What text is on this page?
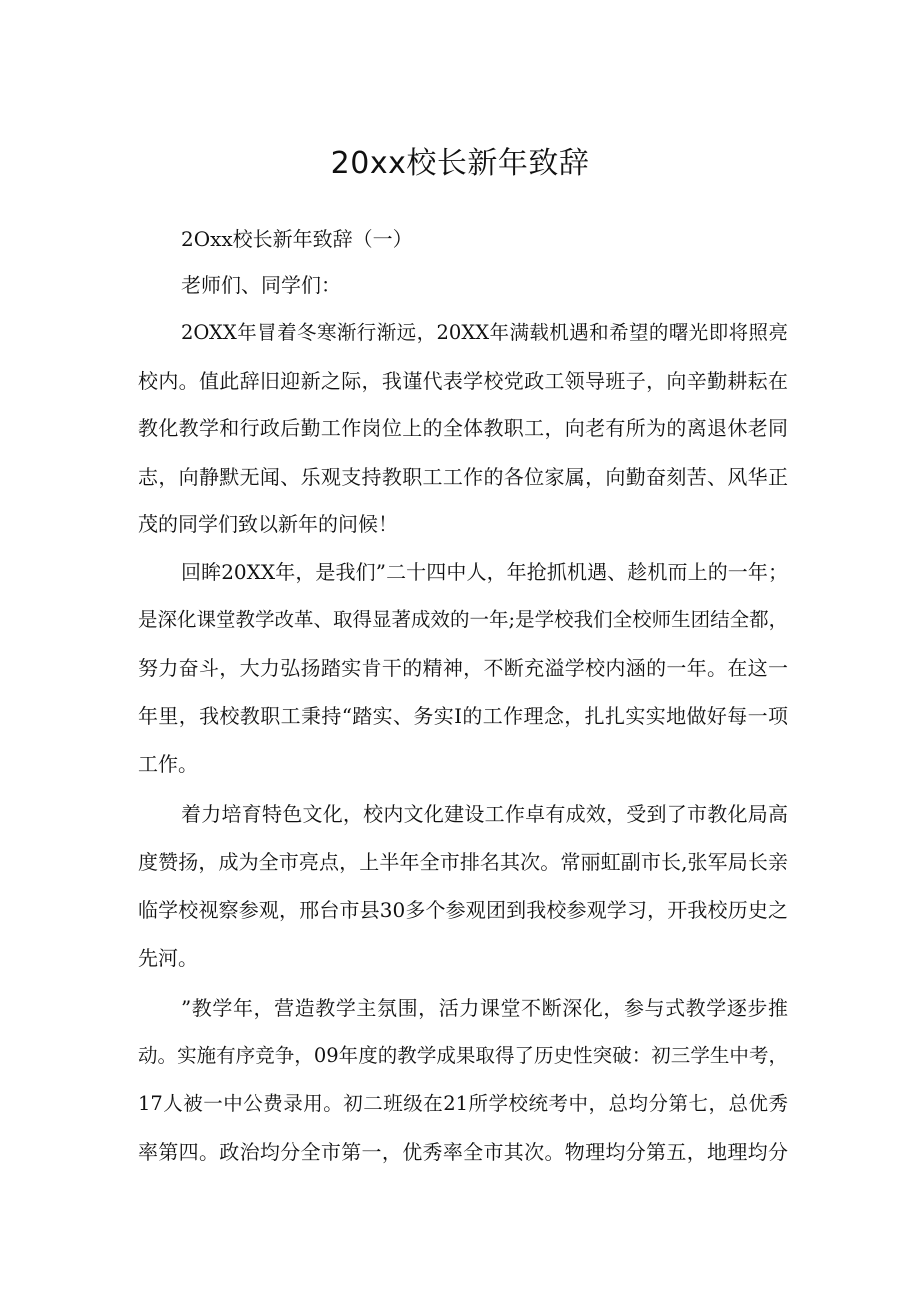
20xx校长新年致辞
2Oxx校长新年致辞（一）
老师们、同学们：
2OXX年冒着冬寒渐行渐远，20XX年满载机遇和希望的曙光即将照亮
校内。值此辞旧迎新之际，我谨代表学校党政工领导班子，向辛勤耕耘在
教化教学和行政后勤工作岗位上的全体教职工，向老有所为的离退休老同
志，向静默无闻、乐观支持教职工工作的各位家属，向勤奋刻苦、风华正
茂的同学们致以新年的问候！
回眸20XX年，是我们”二十四中人，年抢抓机遇、趁机而上的一年；
是深化课堂教学改革、取得显著成效的一年;是学校我们全校师生团结全都，
努力奋斗，大力弘扬踏实肯干的精神，不断充溢学校内涵的一年。在这一
年里，我校教职工秉持“踏实、务实I的工作理念，扎扎实实地做好每一项
工作。
着力培育特色文化，校内文化建设工作卓有成效，受到了市教化局高
度赞扬，成为全市亮点，上半年全市排名其次。常丽虹副市长,张军局长亲
临学校视察参观，邢台市县30多个参观团到我校参观学习，开我校历史之
先河。
”教学年，营造教学主氛围，活力课堂不断深化，参与式教学逐步推
动。实施有序竞争，09年度的教学成果取得了历史性突破：初三学生中考，
17人被一中公费录用。初二班级在21所学校统考中，总均分第七，总优秀
率第四。政治均分全市第一，优秀率全市其次。物理均分第五，地理均分
